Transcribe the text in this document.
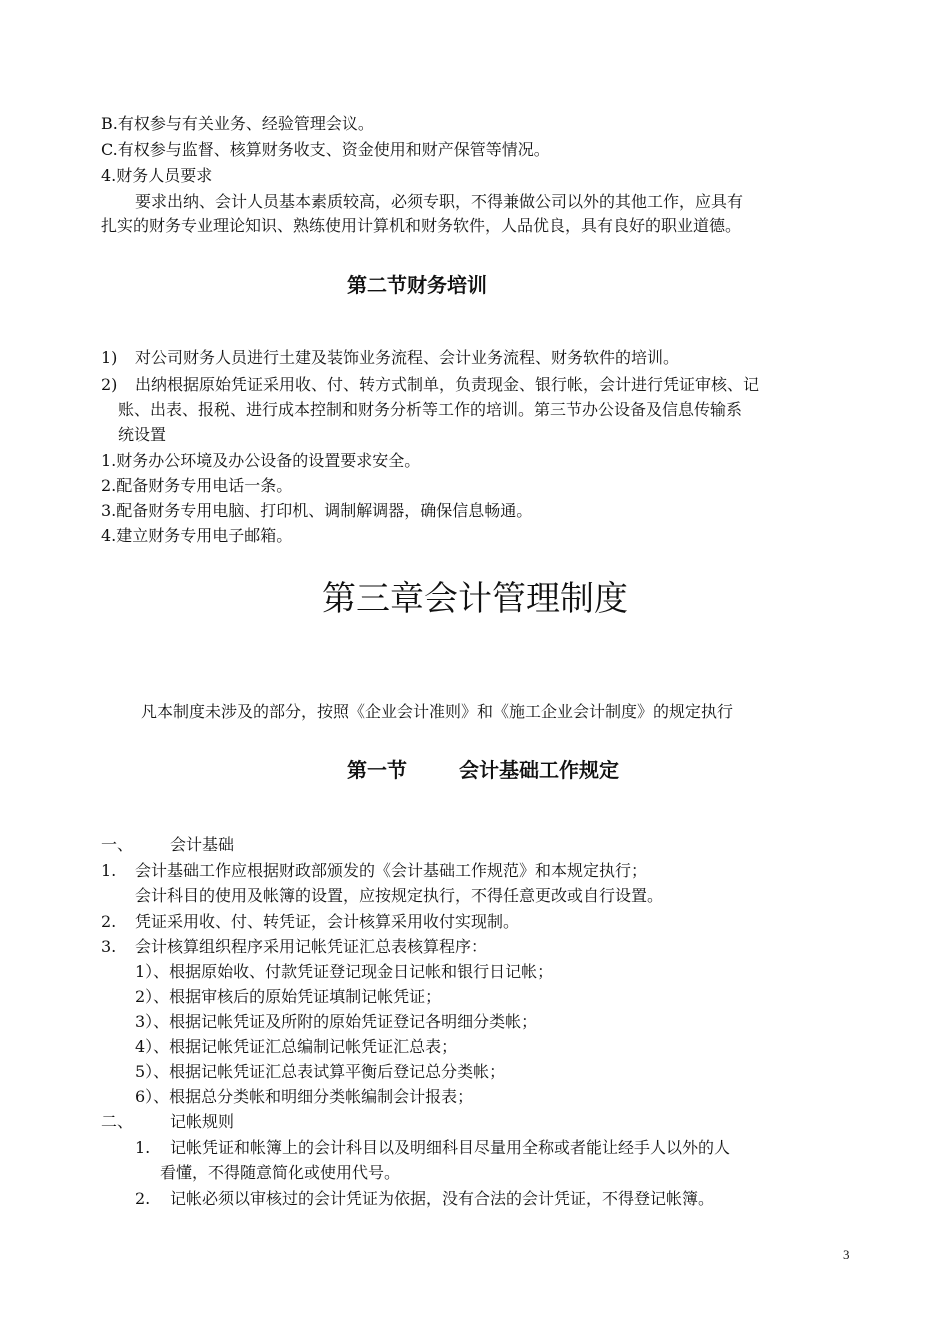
B.有权参与有关业务、经验管理会议。

C.有权参与监督、核算财务收支、资金使用和财产保管等情况。

4.财务人员要求

要求出纳、会计人员基本素质较高，必须专职，不得兼做公司以外的其他工作，应具有

扎实的财务专业理论知识、熟练使用计算机和财务软件，人品优良，具有良好的职业道德。

第二节财务培训

1) 对公司财务人员进行土建及装饰业务流程、会计业务流程、财务软件的培训。

2) 出纳根据原始凭证采用收、付、转方式制单，负责现金、银行帐，会计进行凭证审核、记

账、出表、报税、进行成本控制和财务分析等工作的培训。第三节办公设备及信息传输系

统设置

1.财务办公环境及办公设备的设置要求安全。

2.配备财务专用电话一条。

3.配备财务专用电脑、打印机、调制解调器，确保信息畅通。

4.建立财务专用电子邮箱。

第三章会计管理制度

凡本制度未涉及的部分，按照《企业会计准则》和《施工企业会计制度》的规定执行

第一节	会计基础工作规定

一、 会计基础

1. 会计基础工作应根据财政部颁发的《会计基础工作规范》和本规定执行；

会计科目的使用及帐簿的设置，应按规定执行，不得任意更改或自行设置。

2. 凭证采用收、付、转凭证，会计核算采用收付实现制。

3. 会计核算组织程序采用记帐凭证汇总表核算程序：

1）、根据原始收、付款凭证登记现金日记帐和银行日记帐；

2）、根据审核后的原始凭证填制记帐凭证；

3）、根据记帐凭证及所附的原始凭证登记各明细分类帐；

4）、根据记帐凭证汇总编制记帐凭证汇总表；

5）、根据记帐凭证汇总表试算平衡后登记总分类帐；

6）、根据总分类帐和明细分类帐编制会计报表；

二、 记帐规则

1. 记帐凭证和帐簿上的会计科目以及明细科目尽量用全称或者能让经手人以外的人

看懂，不得随意简化或使用代号。

2. 记帐必须以审核过的会计凭证为依据，没有合法的会计凭证，不得登记帐簿。

3
